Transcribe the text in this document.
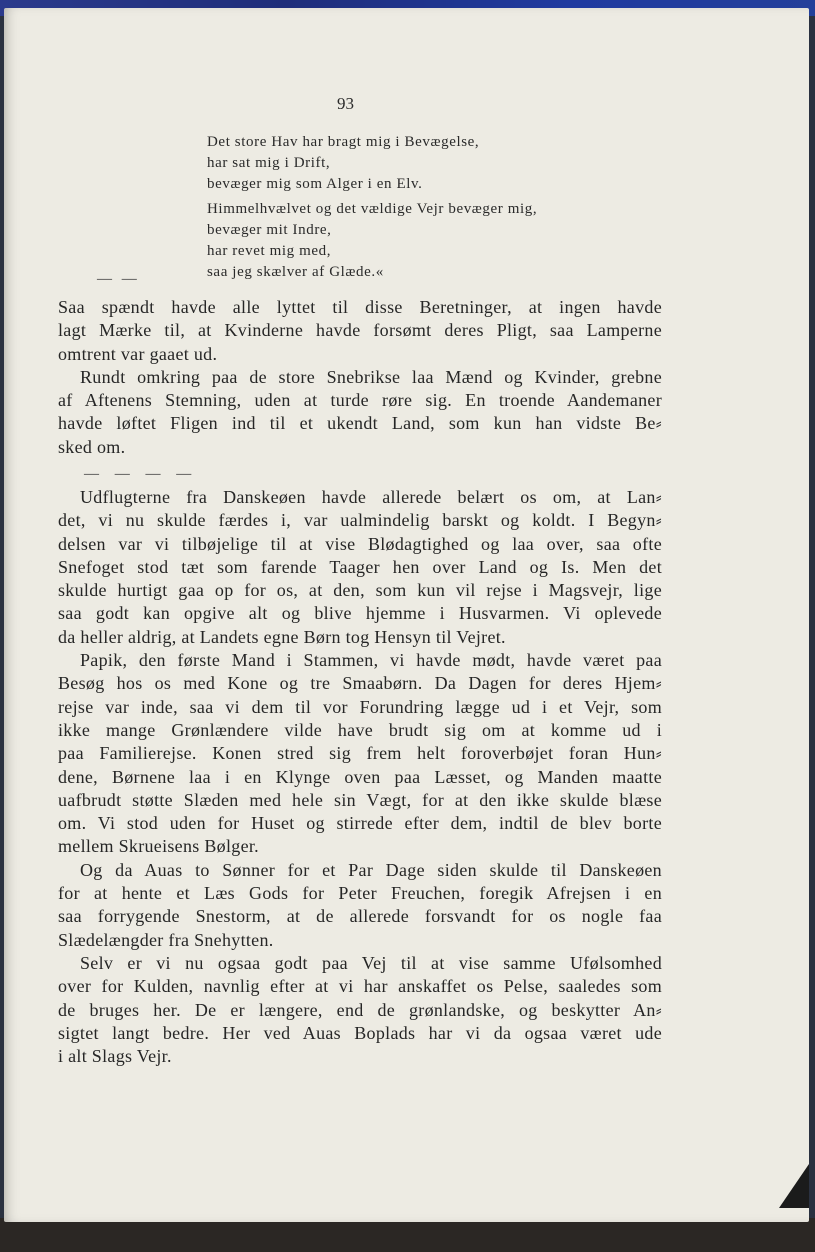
93
Det store Hav har bragt mig i Bevægelse,
har sat mig i Drift,
bevæger mig som Alger i en Elv.
Himmelhvælvet og det vældige Vejr bevæger mig,
bevæger mit Indre,
har revet mig med,
saa jeg skælver af Glæde.«
— —

Saa spændt havde alle lyttet til disse Beretninger, at ingen havde
lagt Mærke til, at Kvinderne havde forsømt deres Pligt, saa Lamperne
omtrent var gaaet ud.

Rundt omkring paa de store Snebrikse laa Mænd og Kvinder, grebne
af Aftenens Stemning, uden at turde røre sig. En troende Aandemaner
havde løftet Fligen ind til et ukendt Land, som kun han vidste Be⸗
sked om.

— — — —

Udflugterne fra Danskeøen havde allerede belært os om, at Lan⸗
det, vi nu skulde færdes i, var ualmindelig barskt og koldt. I Begyn⸗
delsen var vi tilbøjelige til at vise Blødagtighed og laa over, saa ofte
Snefoget stod tæt som farende Taager hen over Land og Is. Men det
skulde hurtigt gaa op for os, at den, som kun vil rejse i Magsvejr, lige
saa godt kan opgive alt og blive hjemme i Husvarmen. Vi oplevede
da heller aldrig, at Landets egne Børn tog Hensyn til Vejret.

Papik, den første Mand i Stammen, vi havde mødt, havde været paa
Besøg hos os med Kone og tre Smaabørn. Da Dagen for deres Hjem⸗
rejse var inde, saa vi dem til vor Forundring lægge ud i et Vejr, som
ikke mange Grønlændere vilde have brudt sig om at komme ud i
paa Familierejse. Konen stred sig frem helt foroverbøjet foran Hun⸗
dene, Børnene laa i en Klynge oven paa Læsset, og Manden maatte
uafbrudt støtte Slæden med hele sin Vægt, for at den ikke skulde blæse
om. Vi stod uden for Huset og stirrede efter dem, indtil de blev borte
mellem Skrueisens Bølger.

Og da Auas to Sønner for et Par Dage siden skulde til Danskeøen
for at hente et Læs Gods for Peter Freuchen, foregik Afrejsen i en
saa forrygende Snestorm, at de allerede forsvandt for os nogle faa
Slædelængder fra Snehytten.

Selv er vi nu ogsaa godt paa Vej til at vise samme Ufølsomhed
over for Kulden, navnlig efter at vi har anskaffet os Pelse, saaledes som
de bruges her. De er længere, end de grønlandske, og beskytter An⸗
sigtet langt bedre. Her ved Auas Boplads har vi da ogsaa været ude
i alt Slags Vejr.
